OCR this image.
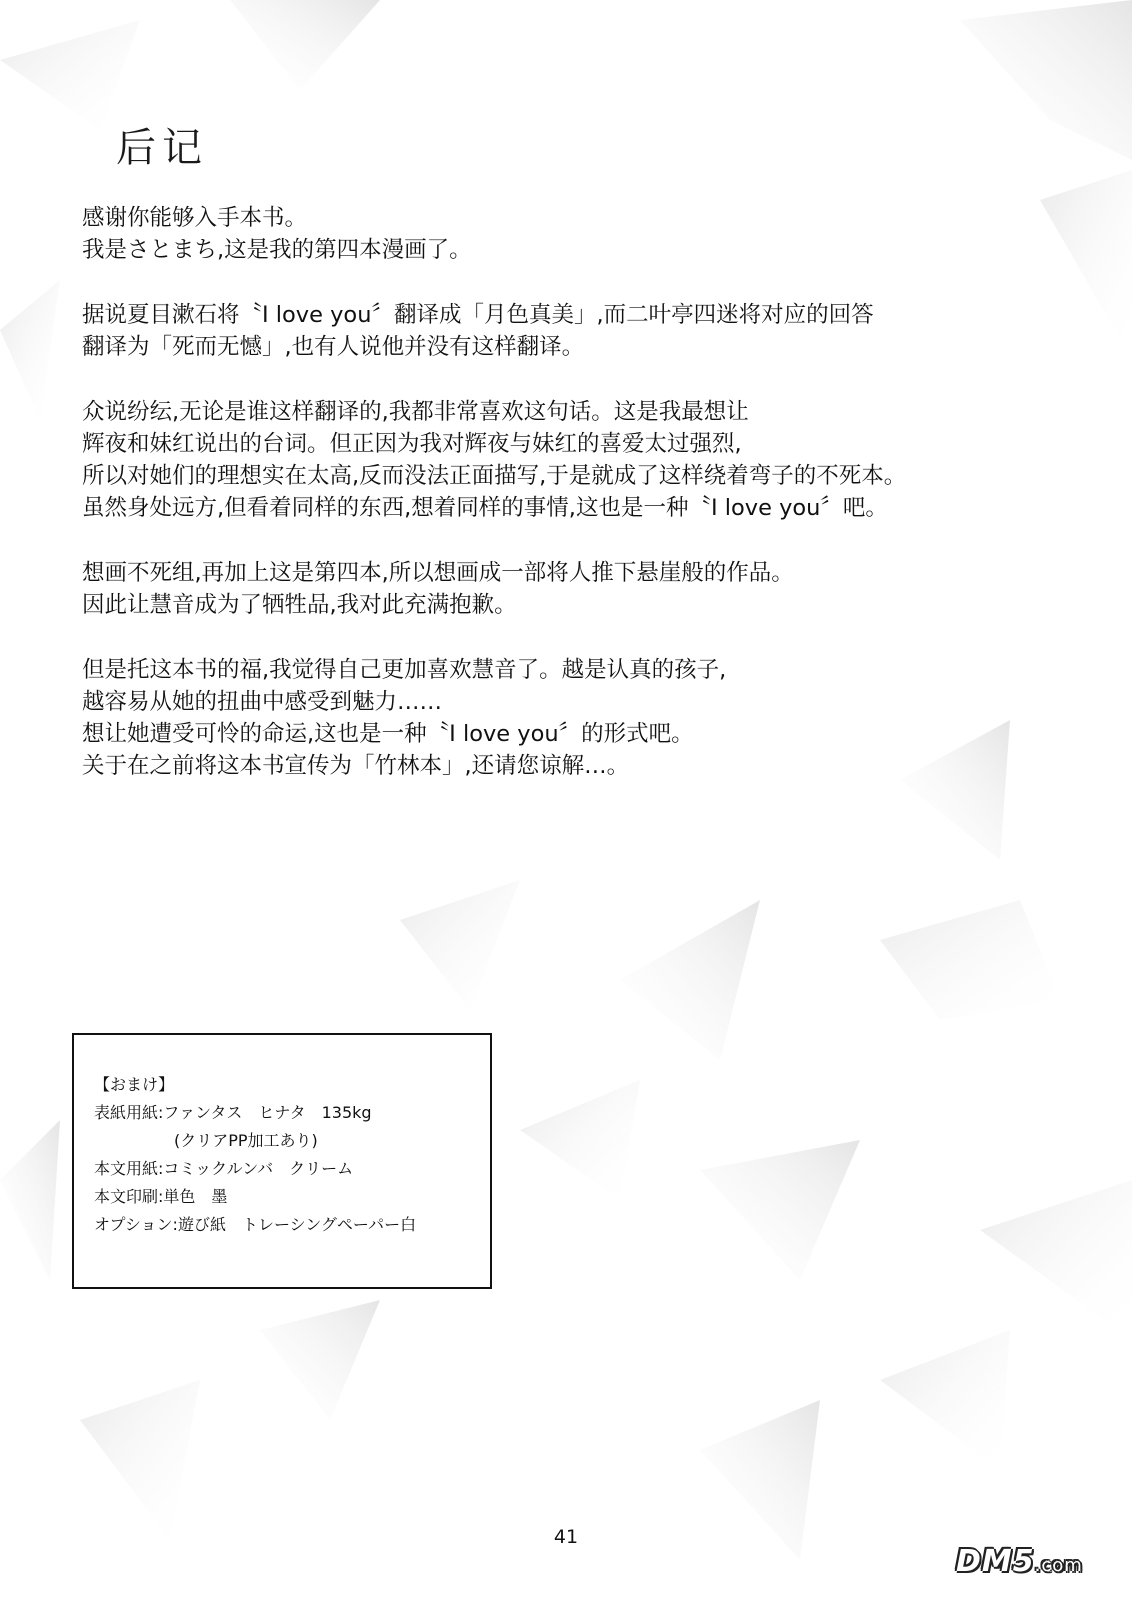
后记
感谢你能够入手本书。
我是さとまち,这是我的第四本漫画了。
据说夏目漱石将〝I love you〞翻译成「月色真美」,而二叶亭四迷将对应的回答
翻译为「死而无憾」,也有人说他并没有这样翻译。
众说纷纭,无论是谁这样翻译的,我都非常喜欢这句话。这是我最想让
辉夜和妹红说出的台词。但正因为我对辉夜与妹红的喜爱太过强烈,
所以对她们的理想实在太高,反而没法正面描写,于是就成了这样绕着弯子的不死本。
虽然身处远方,但看着同样的东西,想着同样的事情,这也是一种〝I love you〞吧。
想画不死组,再加上这是第四本,所以想画成一部将人推下悬崖般的作品。
因此让慧音成为了牺牲品,我对此充满抱歉。
但是托这本书的福,我觉得自己更加喜欢慧音了。越是认真的孩子,
越容易从她的扭曲中感受到魅力……
想让她遭受可怜的命运,这也是一种〝I love you〞的形式吧。
关于在之前将这本书宣传为「竹林本」,还请您谅解…。
【おまけ】
表紙用紙:ファンタス　ヒナタ　135kg
　　　　　(クリアPP加工あり)
本文用紙:コミックルンバ　クリーム
本文印刷:単色　墨
オプション:遊び紙　トレーシングペーパー白
41
DM5.com
